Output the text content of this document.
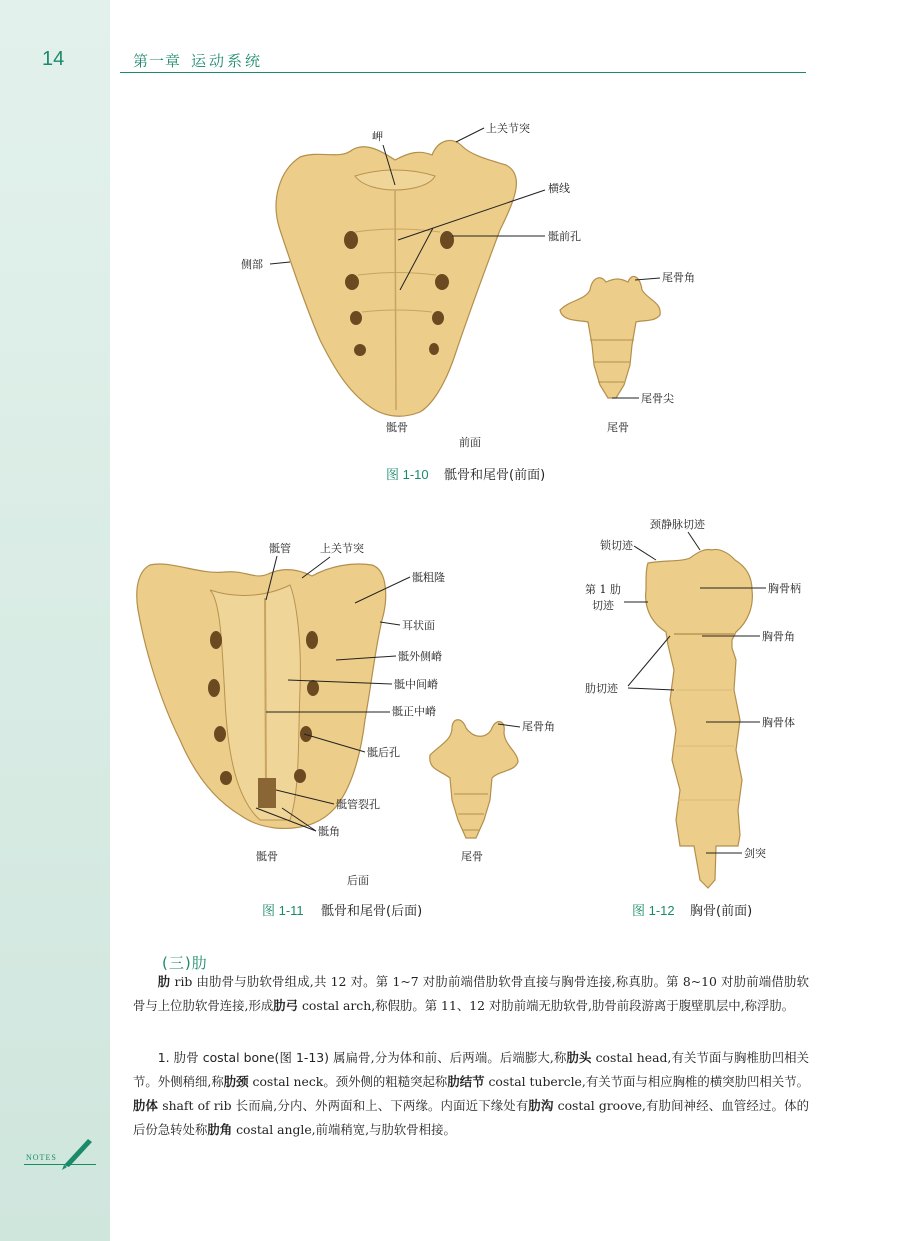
14	第一章 运动系统
NOTES
岬
上关节突
横线
侧部
骶前孔
尾骨角
尾骨尖
骶骨	尾骨
前面
图 1-10 骶骨和尾骨(前面)
骶管	上关节突
骶粗隆
耳状面
骶外侧嵴
骶中间嵴
骶正中嵴
尾骨角
骶后孔
骶管裂孔
骶角
骶骨	尾骨
后面
图 1-11 骶骨和尾骨(后面)
颈静脉切迹
锁切迹
第 1 肋
切迹
胸骨柄
胸骨角
肋切迹
胸骨体
剑突
图 1-12 胸骨(前面)
(三)肋

肋 rib 由肋骨与肋软骨组成,共 12 对。第 1~7 对肋前端借肋软骨直接与胸骨连接,称真肋。第 8~10 对肋前端借肋软骨与上位肋软骨连接,形成肋弓 costal arch,称假肋。第 11、12 对肋前端无肋软骨,肋骨前段游离于腹壁肌层中,称浮肋。

1. 肋骨 costal bone(图 1-13) 属扁骨,分为体和前、后两端。后端膨大,称肋头 costal head,有关节面与胸椎肋凹相关节。外侧稍细,称肋颈 costal neck。颈外侧的粗糙突起称肋结节 costal tubercle,有关节面与相应胸椎的横突肋凹相关节。肋体 shaft of rib 长而扁,分内、外两面和上、下两缘。内面近下缘处有肋沟 costal groove,有肋间神经、血管经过。体的后份急转处称肋角 costal angle,前端稍宽,与肋软骨相接。
